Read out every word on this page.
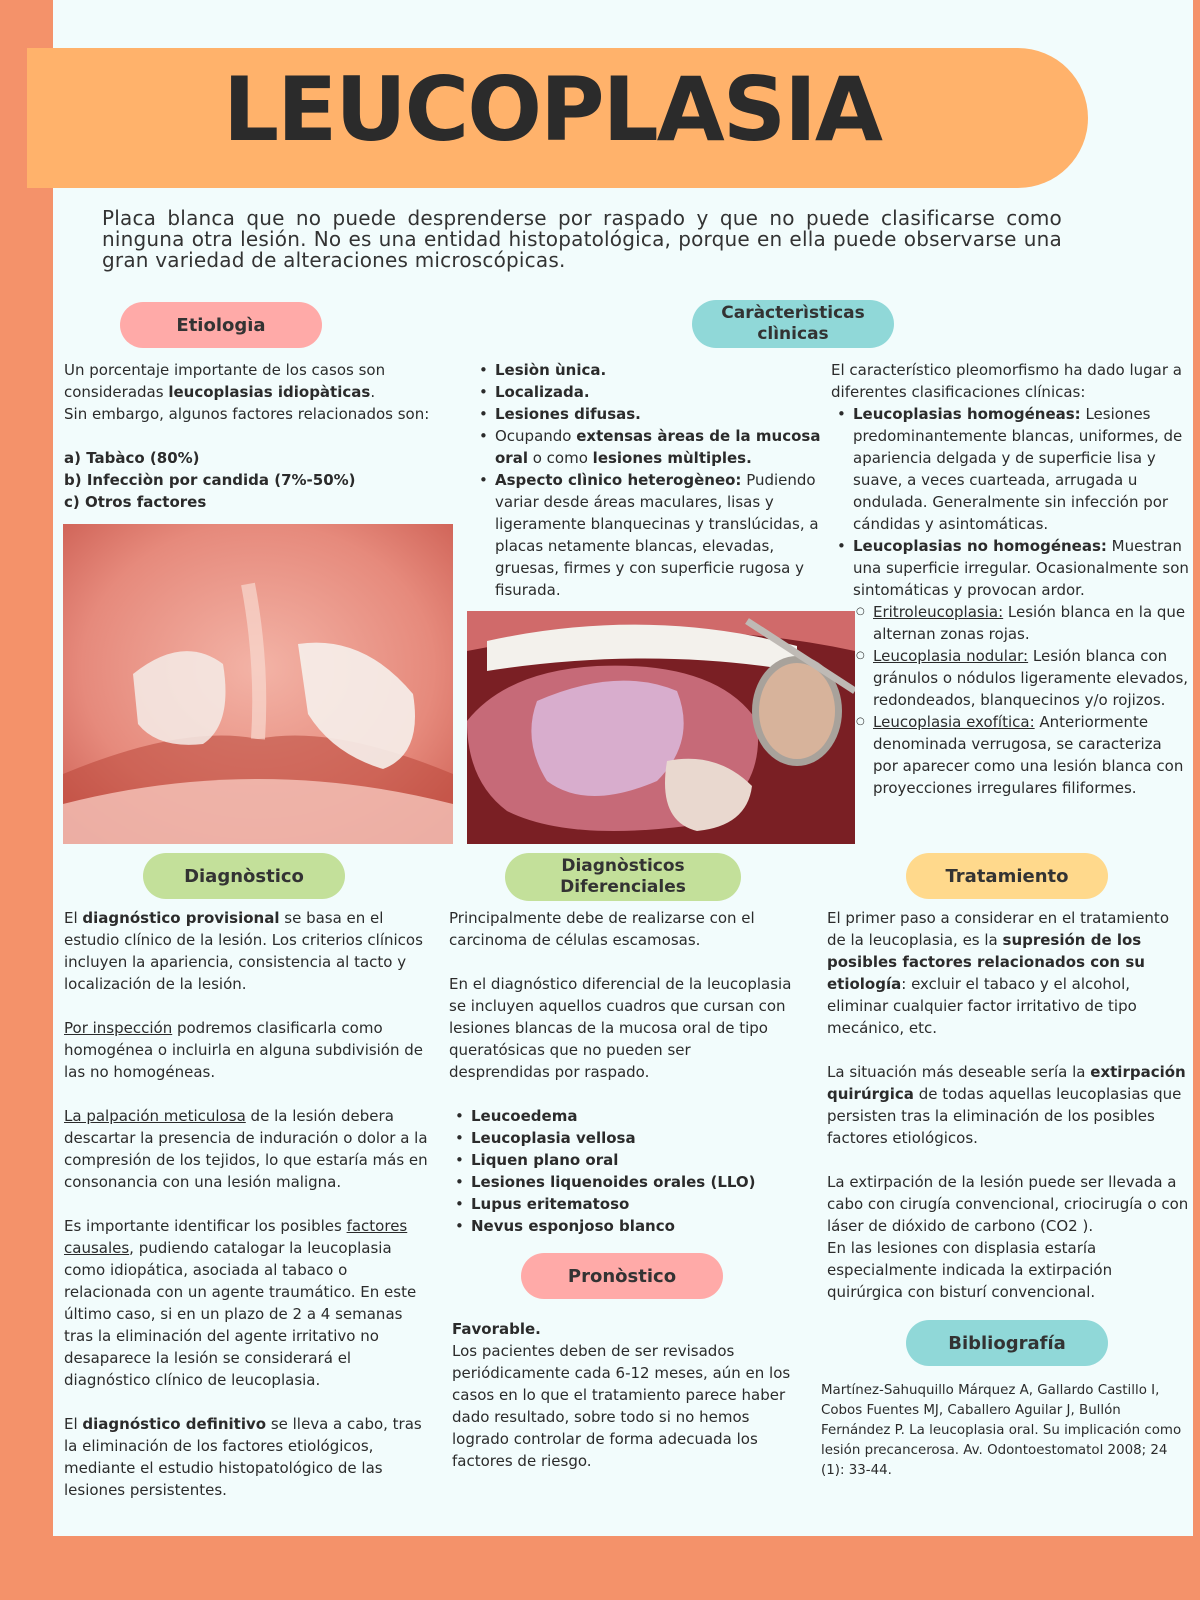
LEUCOPLASIA

Placa blanca que no puede desprenderse por raspado y que no puede clasificarse como ninguna otra lesión. No es una entidad histopatológica, porque en ella puede observarse una gran variedad de alteraciones microscópicas.

Etiologìa

Un porcentaje importante de los casos son consideradas leucoplasias idiopàticas.

Sin embargo, algunos factores relacionados son:

a) Tabàco (80%)

b) Infecciòn por candida (7%-50%)

c) Otros factores

Caràcterìsticas clìnicas
• Lesiòn ùnica.
• Localizada.
• Lesiones difusas.
• Ocupando extensas àreas de la mucosa oral o como lesiones mùltiples.
• Aspecto clìnico heterogèneo: Pudiendo variar desde áreas maculares, lisas y ligeramente blanquecinas y translúcidas, a placas netamente blancas, elevadas, gruesas, firmes y con superficie rugosa y fisurada.

El característico pleomorfismo ha dado lugar a diferentes clasificaciones clínicas:

• Leucoplasias homogéneas: Lesiones predominantemente blancas, uniformes, de apariencia delgada y de superficie lisa y suave, a veces cuarteada, arrugada u ondulada. Generalmente sin infección por cándidas y asintomáticas.
• Leucoplasias no homogéneas: Muestran una superficie irregular. Ocasionalmente son sintomáticas y provocan ardor.
○ Eritroleucoplasia: Lesión blanca en la que alternan zonas rojas.
○ Leucoplasia nodular: Lesión blanca con gránulos o nódulos ligeramente elevados, redondeados, blanquecinos y/o rojizos.
○ Leucoplasia exofítica: Anteriormente denominada verrugosa, se caracteriza por aparecer como una lesión blanca con proyecciones irregulares filiformes.
Diagnòstico

El diagnóstico provisional se basa en el estudio clínico de la lesión. Los criterios clínicos incluyen la apariencia, consistencia al tacto y localización de la lesión.

Por inspección podremos clasificarla como homogénea o incluirla en alguna subdivisión de las no homogéneas.

La palpación meticulosa de la lesión debera descartar la presencia de induración o dolor a la compresión de los tejidos, lo que estaría más en consonancia con una lesión maligna.

Es importante identificar los posibles factores causales, pudiendo catalogar la leucoplasia como idiopática, asociada al tabaco o relacionada con un agente traumático. En este último caso, si en un plazo de 2 a 4 semanas tras la eliminación del agente irritativo no desaparece la lesión se considerará el diagnóstico clínico de leucoplasia.

El diagnóstico definitivo se lleva a cabo, tras la eliminación de los factores etiológicos, mediante el estudio histopatológico de las lesiones persistentes.

Diagnòsticos Diferenciales

Principalmente debe de realizarse con el carcinoma de células escamosas.

En el diagnóstico diferencial de la leucoplasia se incluyen aquellos cuadros que cursan con lesiones blancas de la mucosa oral de tipo queratósicas que no pueden ser desprendidas por raspado.

• Leucoedema
• Leucoplasia vellosa
• Liquen plano oral
• Lesiones liquenoides orales (LLO)
• Lupus eritematoso
• Nevus esponjoso blanco
Pronòstico

Favorable.

Los pacientes deben de ser revisados periódicamente cada 6-12 meses, aún en los casos en lo que el tratamiento parece haber dado resultado, sobre todo si no hemos logrado controlar de forma adecuada los factores de riesgo.

Tratamiento

El primer paso a considerar en el tratamiento de la leucoplasia, es la supresión de los posibles factores relacionados con su etiología: excluir el tabaco y el alcohol, eliminar cualquier factor irritativo de tipo mecánico, etc.

La situación más deseable sería la extirpación quirúrgica de todas aquellas leucoplasias que persisten tras la eliminación de los posibles factores etiológicos.

La extirpación de la lesión puede ser llevada a cabo con cirugía convencional, criocirugía o con láser de dióxido de carbono (CO2 ).

En las lesiones con displasia estaría especialmente indicada la extirpación quirúrgica con bisturí convencional.

Bibliografía

Martínez-Sahuquillo Márquez A, Gallardo Castillo I, Cobos Fuentes MJ, Caballero Aguilar J, Bullón Fernández P. La leucoplasia oral. Su implicación como lesión precancerosa. Av. Odontoestomatol 2008; 24 (1): 33-44.
